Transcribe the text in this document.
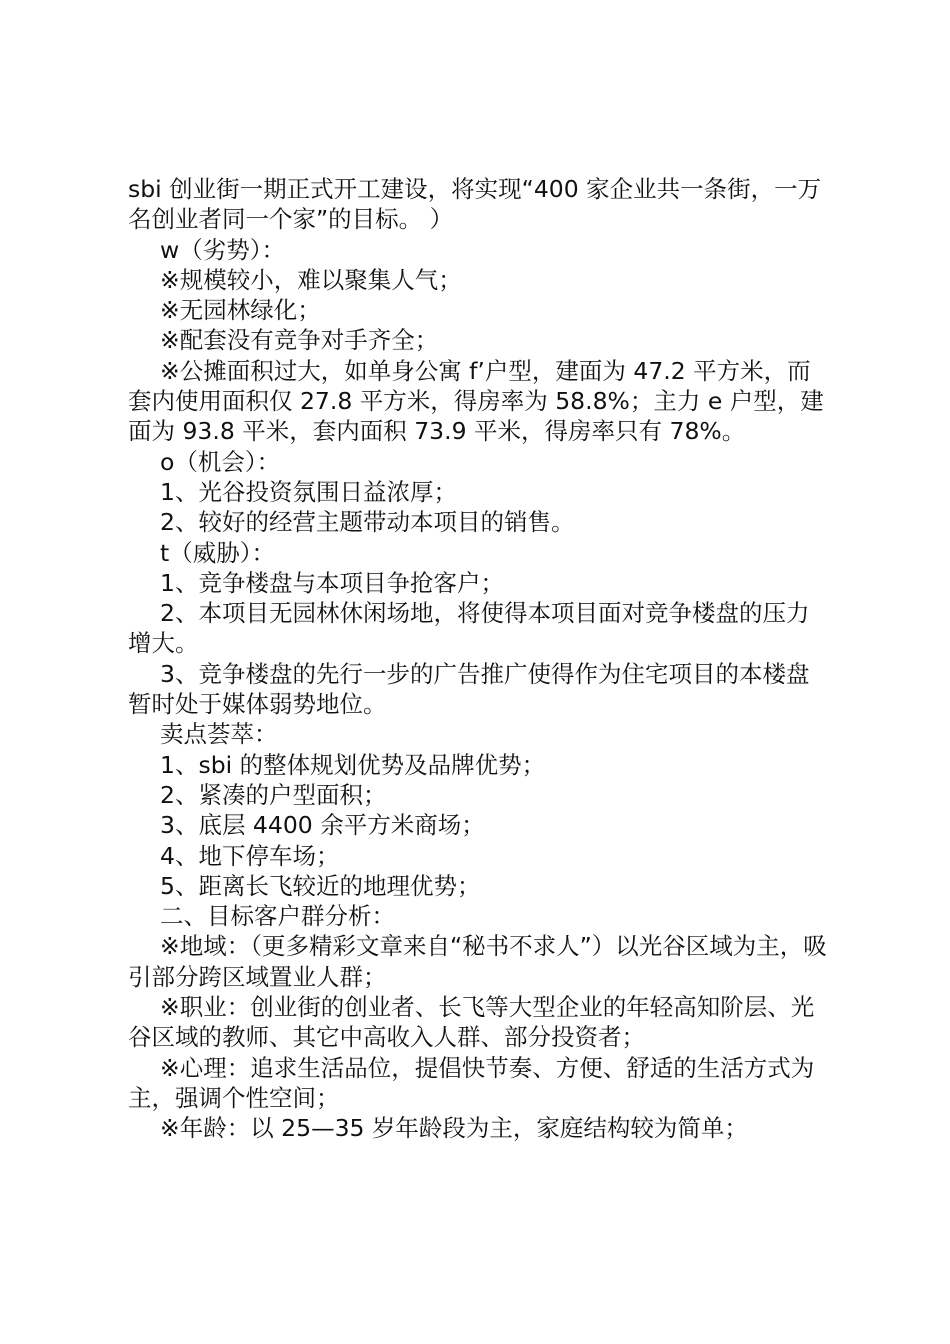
sbi 创业街一期正式开工建设，将实现“400 家企业共一条街，一万名创业者同一个家”的目标。 ）

w（劣势）：

※规模较小，难以聚集人气；

※无园林绿化；

※配套没有竞争对手齐全；

※公摊面积过大，如单身公寓 f’户型，建面为 47.2 平方米，而套内使用面积仅 27.8 平方米，得房率为 58.8%；主力 e 户型，建面为 93.8 平米，套内面积 73.9 平米，得房率只有 78%。

o（机会）：

1、光谷投资氛围日益浓厚；

2、较好的经营主题带动本项目的销售。

t（威胁）：

1、竞争楼盘与本项目争抢客户；

2、本项目无园林休闲场地，将使得本项目面对竞争楼盘的压力增大。

3、竞争楼盘的先行一步的广告推广使得作为住宅项目的本楼盘暂时处于媒体弱势地位。

卖点荟萃：

1、sbi 的整体规划优势及品牌优势；

2、紧凑的户型面积；

3、底层 4400 余平方米商场；

4、地下停车场；

5、距离长飞较近的地理优势；

二、目标客户群分析：

※地域：（更多精彩文章来自“秘书不求人”）以光谷区域为主，吸引部分跨区域置业人群；

※职业：创业街的创业者、长飞等大型企业的年轻高知阶层、光谷区域的教师、其它中高收入人群、部分投资者；

※心理：追求生活品位，提倡快节奏、方便、舒适的生活方式为主，强调个性空间；

※年龄：以 25—35 岁年龄段为主，家庭结构较为简单；
